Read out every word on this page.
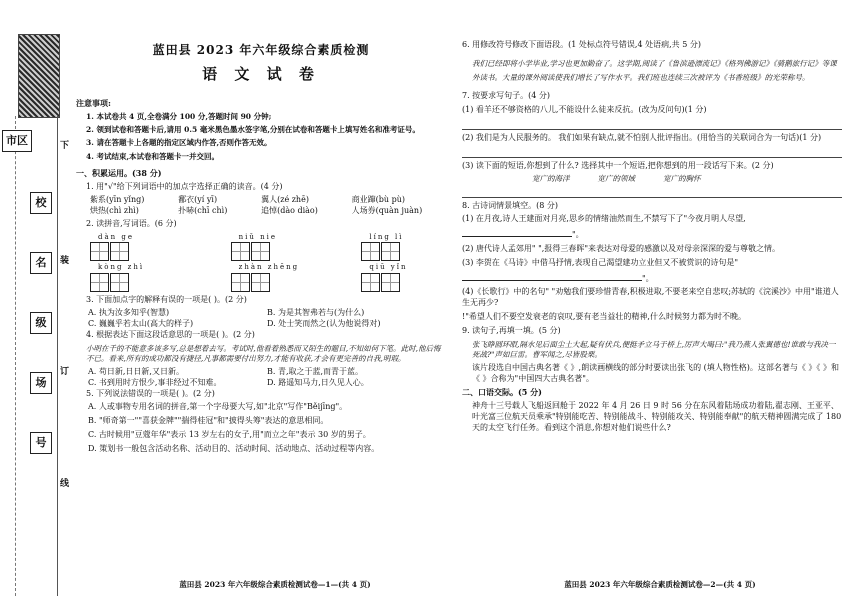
市区
校
名
级
场
号
下
装
订
线
蓝田县 2023 年六年级综合素质检测
语 文 试 卷

注意事项:

1. 本试卷共 4 页,全卷满分 100 分,答题时间 90 分钟;

2. 领到试卷和答题卡后,请用 0.5 毫米黑色墨水签字笔,分别在试卷和答题卡上填写姓名和准考证号。

3. 请在答题卡上各题的指定区域内作答,否则作答无效。

4. 考试结束,本试卷和答题卡一并交回。

一、积累运用。(38 分)

1. 用"√"给下列词语中的加点字选择正确的读音。(4 分)

紫系(yīn yǐng)	鄱衣(yí yī)	翼人(zé zhē)	商业蹿(bù pù)
烘热(chì zhì)	扑哧(chī chì)	追悼(dào diào)	人场券(quàn juàn)

2. 读拼音,写词语。(6 分)

dàn ge	niǔ nie	líng lì
kòng zhì	zhàn zhēng	qiū yǐn

3. 下面加点字的解释有误的一项是( )。(2 分)

A. 执为汝多知乎(智慧)	B. 为是其智弗若与(为什么)
C. 巍巍乎若太山(高大的样子)	D. 处士笑而然之(认为他说得对)

4. 根据表达下面这段话意思的一项是( )。(2 分)

小明在千的不能意多该多写,总是想着去写。考试时,他看着熟悉而又陌生的题目,不知如何下笔。此时,他后悔不已。看来,所有的成功都没有捷径,凡事都需要付出努力,才能有收获,才会有更完善的自我,明瑕。

A. 苟日新,日日新,又日新。	B. 青,取之于蓝,而青于蓝。
C. 书到用时方恨少,事非经过不知难。	D. 路遥知马力,日久见人心。

5. 下列说法错误的一项是( )。(2 分)

A. 人或事物专用名词的拼音,第一个字母要大写,如"北京"写作"Běijīng"。

B. "师奇第一""喜获金牌""揣得桂冠"和"披得头筹"表达的意思相同。

C. 古时候用"豆蔻年华"表示 13 岁左右的女子,用"而立之年"表示 30 岁的男子。

D. 策划书一般包含活动名称、活动目的、活动时间、活动地点、活动过程等内容。

6. 用修改符号修改下面语段。(1 处标点符号错误,4 处语病,共 5 分)

我们已经即将小学毕业,学习也更加勤奋了。这学期,阅读了《鲁滨逊漂流记》《格列佛游记》《骑鹅旅行记》等课外读书。大量的课外阅读使我们增长了写作水平。我们班也连续三次被评为《书香班级》的光荣称号。

7. 按要求写句子。(4 分)

(1) 看羊还不够资格的八儿,不能设什么徒来反抗。(改为反问句)(1 分)

(2) 我们是为人民服务的。 我们如果有缺点,就不怕别人批评指出。(用恰当的关联词合为一句话)(1 分)

(3) 读下面的短语,你想到了什么? 选择其中一个短语,把你想到的用一段话写下来。(2 分)

宽广的海洋	宽广的领域	宽广的胸怀

8. 古诗词情景填空。(8 分)

(1) 在月夜,诗人王建面对月亮,思乡的情绪油然而生,不禁写下了"今夜月明人尽望,

"。

(2) 唐代诗人孟郊用" ",报得三春晖"来表达对母爱的感激以及对母亲深深的爱与尊敬之情。

(3) 李贺在《马诗》中借马抒情,表现自己渴望建功立业但又不被赏识的诗句是"

"。

(4)《长歌行》中的名句" "劝勉我们要珍惜青春,积极进取,不要老来空自悲叹;苏轼的《浣溪沙》中用"谁道人生无再少?

!"希望人们不要空发衰老的哀叹,要有老当益壮的精神,什么时候努力都为时不晚。

9. 读句子,再填一填。(5 分)

张飞睁圆环眼,隔水见后面尘土大起,疑有伏兵,便挺矛立马于桥上,厉声大喝曰:"我乃燕人张翼德也!谁敢与我决一死战?"声如巨雷。曹军闻之,尽皆股栗。

该片段选自中国古典名著《 》,朗读画横线的部分时要读出张飞的 (填人物性格)。这部名著与《 》《 》和《 》合称为"中国四大古典名著"。

二、口语交际。(5 分)

神舟十三号载人飞船返回舱于 2022 年 4 月 26 日 9 时 56 分在东风着陆场成功着陆,翟志刚、王亚平、叶光富三位航天员乘承"特别能吃苦、特别能战斗、特别能攻关、特别能奉献"的航天精神圆满完成了 180 天的太空飞行任务。看到这个消息,你想对他们说些什么?

蓝田县 2023 年六年级综合素质检测试卷—1—(共 4 页)	蓝田县 2023 年六年级综合素质检测试卷—2—(共 4 页)
